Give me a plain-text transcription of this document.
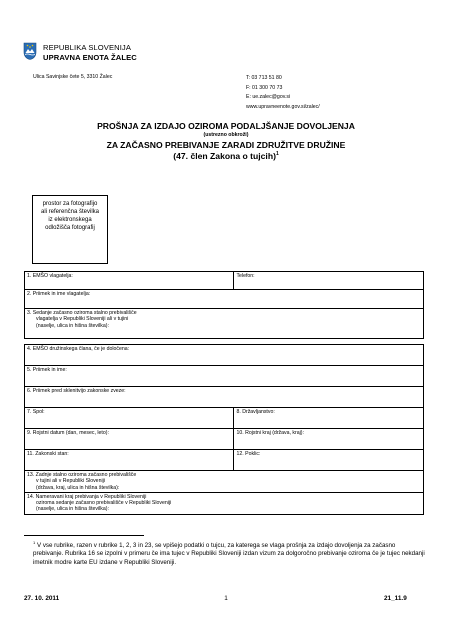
REPUBLIKA SLOVENIJA
UPRAVNA ENOTA ŽALEC
Ulica Savinjske čete 5, 3310 Žalec	T: 03 713 51 80
F: 01 300 70 73
E: ue.zalec@gov.si
www.upravneenote.gov.si/zalec/
PROŠNJA ZA IZDAJO OZIROMA PODALJŠANJE DOVOLJENJA
(ustrezno obkroži)
ZA ZAČASNO PREBIVANJE ZARADI ZDRUŽITVE DRUŽINE
(47. člen Zakona o tujcih)$^1$
prostor za fotografijo
ali referenčna številka
iz elektronskega
odložišča fotografij
1. EMŠO vlagatelja:	Telefon:
2. Priimek in ime vlagatelja:	
3. Sedanje začasno oziroma stalno prebivališče
vlagatelja v Republiki Sloveniji ali v tujini
(naselje, ulica in hišna številka):	

4. EMŠO družinskega člana, če je določena:	
5. Priimek in ime:	
6. Priimek pred sklenitvijo zakonske zveze:	
7. Spol:	8. Državljanstvo:
9. Rojstni datum (dan, mesec, leto):	10. Rojstni kraj (država, kraj):
11. Zakonski stan:	12. Poklic:
13. Zadnje stalno oziroma začasno prebivališče
v tujini ali v Republiki Sloveniji
(država, kraj, ulica in hišna številka):	

14. Nameravani kraj prebivanja v Republiki Sloveniji
oziroma sedanje začasno prebivališče v Republiki Sloveniji
(naselje, ulica in hišna številka):	
$^1$ V vse rubrike, razen v rubrike 1, 2, 3 in 23, se vpišejo podatki o tujcu, za katerega se vlaga prošnja za izdajo dovoljenja za začasno prebivanje. Rubrika 16 se izpolni v primeru če ima tujec v Republiki Sloveniji izdan vizum za dolgoročno prebivanje oziroma če je tujec nekdanji imetnik modre karte EU izdane v Republiki Sloveniji.
27. 10. 2011	1	21_11.9
